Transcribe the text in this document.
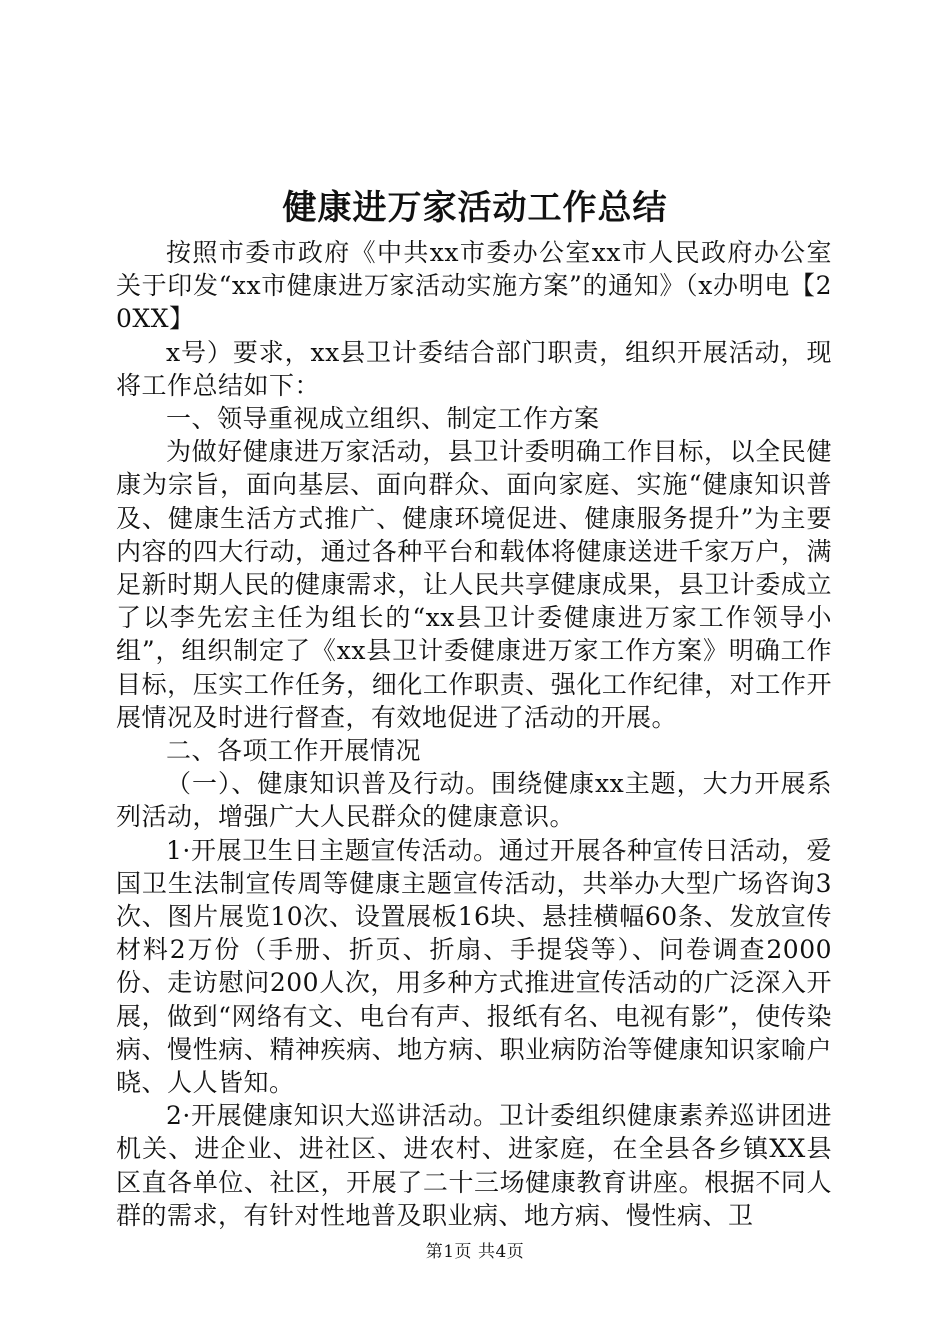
健康进万家活动工作总结

按照市委市政府《中共xx市委办公室xx市人民政府办公室关于印发“xx市健康进万家活动实施方案”的通知》（x办明电【20XX】

x号）要求，xx县卫计委结合部门职责，组织开展活动，现将工作总结如下：

一、领导重视成立组织、制定工作方案

为做好健康进万家活动，县卫计委明确工作目标，以全民健康为宗旨，面向基层、面向群众、面向家庭、实施“健康知识普及、健康生活方式推广、健康环境促进、健康服务提升”为主要内容的四大行动，通过各种平台和载体将健康送进千家万户，满足新时期人民的健康需求，让人民共享健康成果，县卫计委成立了以李先宏主任为组长的“xx县卫计委健康进万家工作领导小组”，组织制定了《xx县卫计委健康进万家工作方案》明确工作目标，压实工作任务，细化工作职责、强化工作纪律，对工作开展情况及时进行督查，有效地促进了活动的开展。

二、各项工作开展情况

（一）、健康知识普及行动。围绕健康xx主题，大力开展系列活动，增强广大人民群众的健康意识。

1·开展卫生日主题宣传活动。通过开展各种宣传日活动，爱国卫生法制宣传周等健康主题宣传活动，共举办大型广场咨询3次、图片展览10次、设置展板16块、悬挂横幅60条、发放宣传材料2万份（手册、折页、折扇、手提袋等）、问卷调查2000份、走访慰问200人次，用多种方式推进宣传活动的广泛深入开展，做到“网络有文、电台有声、报纸有名、电视有影”，使传染病、慢性病、精神疾病、地方病、职业病防治等健康知识家喻户晓、人人皆知。

2·开展健康知识大巡讲活动。卫计委组织健康素养巡讲团进机关、进企业、进社区、进农村、进家庭，在全县各乡镇XX县区直各单位、社区，开展了二十三场健康教育讲座。根据不同人群的需求，有针对性地普及职业病、地方病、慢性病、卫

第1页 共4页
